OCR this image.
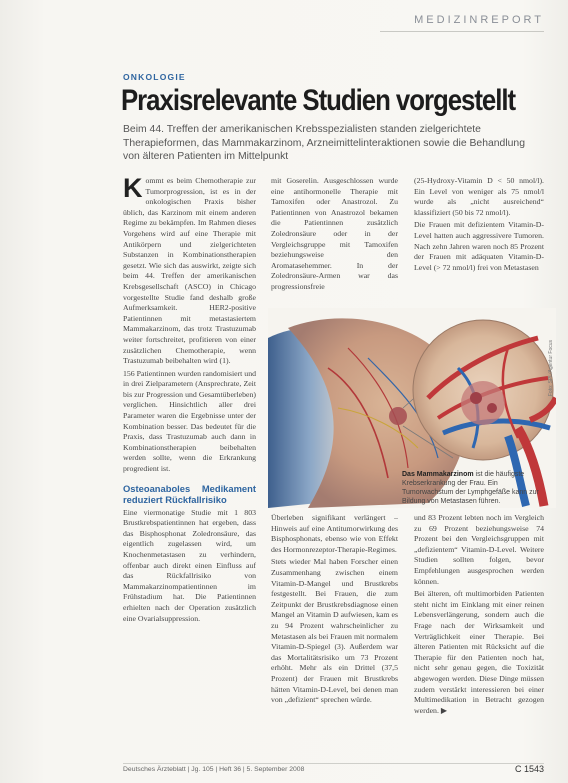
MEDIZINREPORT
ONKOLOGIE
Praxisrelevante Studien vorgestellt
Beim 44. Treffen der amerikanischen Krebsspezialisten standen zielgerichtete Therapieformen, das Mammakarzinom, Arzneimittelinteraktionen sowie die Behandlung von älteren Patienten im Mittelpunkt
K ommt es beim Chemotherapie zur Tumorprogression, ist es in der onkologischen Praxis bisher üblich, das Karzinom mit einem anderen Regime zu bekämpfen. Im Rahmen dieses Vorgehens wird auf eine Therapie mit Antikörpern und zielgerichteten Substanzen in Kombinationstherapien gesetzt. Wie sich das auswirkt, zeigte sich beim 44. Treffen der amerikanischen Krebsgesellschaft (ASCO) in Chicago vorgestellte Studie fand deshalb große Aufmerksamkeit. HER2-positive Patientinnen mit metastasiertem Mammakarzinom, das trotz Trastuzumab weiter fortschreitet, profitieren von einer zusätzlichen Chemotherapie, wenn Trastuzumab beibehalten wird (1).

156 Patientinnen wurden randomisiert und in drei Zielparametern (Ansprechrate, Zeit bis zur Progression und Gesamtüberleben) verglichen. Hinsichtlich aller drei Parameter waren die Ergebnisse unter der Kombination besser. Das bedeutet für die Praxis, dass Trastuzumab auch dann in Kombinationstherapien beibehalten werden sollte, wenn die Erkrankung progredient ist.

Osteoanaboles Medikament reduziert Rückfallrisiko

Eine viermonatige Studie mit 1 803 Brustkrebspatientinnen hat ergeben, dass das Bisphosphonat Zoledronsäure, das eigentlich zugelassen wird, um Knochenmetastasen zu verhindern, offenbar auch direkt einen Einfluss auf das Rückfallrisiko von Mammakarzinompatientinnen im Frühstadium hat. Die Patientinnen erhielten nach der Operation zusätzlich eine Ovarialsuppression.

mit Goserelin. Ausgeschlossen wurde eine antihormonelle Therapie mit Tamoxifen oder Anastrozol. Zu Patientinnen von Anastrozol bekamen die Patientinnen zusätzlich Zoledronsäure oder in der Vergleichsgruppe mit Tamoxifen beziehungsweise den Aromatasehemmer. In der Zoledronsäure-Armen war das progressionsfreie

(25-Hydroxy-Vitamin D < 50 nmol/l). Ein Level von weniger als 75 nmol/l wurde als „nicht ausreichend“ klassifiziert (50 bis 72 nmol/l).

Die Frauen mit defizientem Vitamin-D-Level hatten auch aggressivere Tumoren. Nach zehn Jahren waren noch 85 Prozent der Frauen mit adäquaten Vitamin-D-Level (> 72 nmol/l) frei von Metastasen

Foto: SPL/Agentur Focus
Das Mammakarzinom ist die häufigste Krebserkrankung der Frau. Ein Tumorwachstum der Lymphgefäße kann zur Bildung von Metastasen führen.

Überleben signifikant verlängert – Hinweis auf eine Antitumorwirkung des Bisphosphonats, ebenso wie von Effekt des Hormonrezeptor-Therapie-Regimes.

Stets wieder Mal haben Forscher einen Zusammenhang zwischen einem Vitamin-D-Mangel und Brustkrebs festgestellt. Bei Frauen, die zum Zeitpunkt der Brustkrebsdiagnose einen Mangel an Vitamin D aufwiesen, kam es zu 94 Prozent wahrscheinlicher zu Metastasen als bei Frauen mit normalem Vitamin-D-Spiegel (3). Außerdem war das Mortalitätsrisiko um 73 Prozent erhöht. Mehr als ein Drittel (37,5 Prozent) der Frauen mit Brustkrebs hätten Vitamin-D-Level, bei denen man von „defizient“ sprechen würde.

und 83 Prozent lebten noch im Vergleich zu 69 Prozent beziehungsweise 74 Prozent bei den Vergleichsgruppen mit „defizientem“ Vitamin-D-Level. Weitere Studien sollten folgen, bevor Empfehlungen ausgesprochen werden können.

Bei älteren, oft multimorbiden Patienten steht nicht im Einklang mit einer reinen Lebensverlängerung, sondern auch die Frage nach der Wirksamkeit und Verträglichkeit einer Therapie. Bei älteren Patienten mit Rücksicht auf die Therapie für den Patienten noch hat, nicht sehr genau gegen, die Toxizität abgewogen werden. Diese Dinge müssen zudem verstärkt interessieren bei einer Multimedikation in Betracht gezogen werden. ▶

Deutsches Ärzteblatt | Jg. 105 | Heft 36 | 5. September 2008	C 1543
